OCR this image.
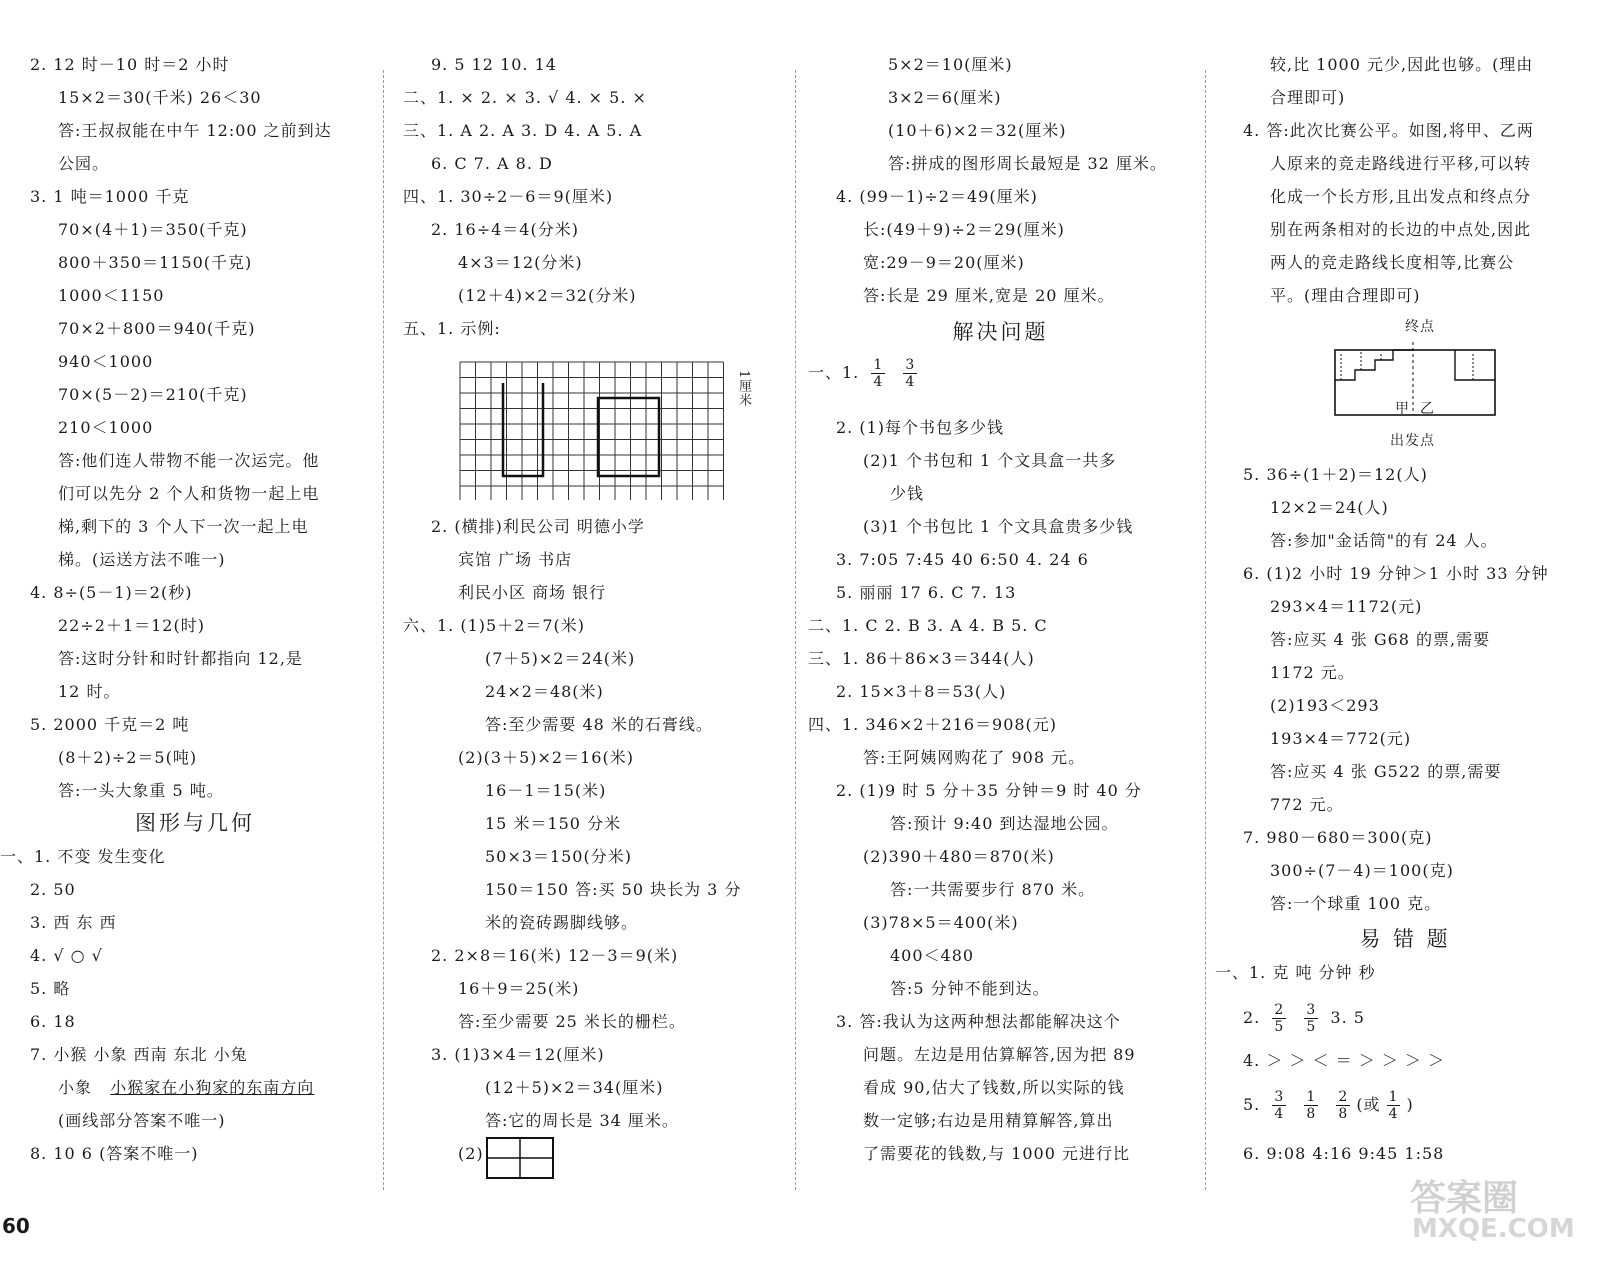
2. 12 时－10 时＝2 小时
15×2＝30(千米) 26＜30
答:王叔叔能在中午 12:00 之前到达
公园。
3. 1 吨＝1000 千克
70×(4＋1)＝350(千克)
800＋350＝1150(千克)
1000＜1150
70×2＋800＝940(千克)
940＜1000
70×(5－2)＝210(千克)
210＜1000
答:他们连人带物不能一次运完。他
们可以先分 2 个人和货物一起上电
梯,剩下的 3 个人下一次一起上电
梯。(运送方法不唯一)
4. 8÷(5－1)＝2(秒)
22÷2＋1＝12(时)
答:这时分针和时针都指向 12,是
12 时。
5. 2000 千克＝2 吨
(8＋2)÷2＝5(吨)
答:一头大象重 5 吨。
图形与几何
一、1. 不变 发生变化
2. 50
3. 西 东 西
4. √ ○ √
5. 略
6. 18
7. 小猴 小象 西南 东北 小兔
小象 小猴家在小狗家的东南方向
(画线部分答案不唯一)
8. 10 6 (答案不唯一)
9. 5 12 10. 14
二、1. × 2. × 3. √ 4. × 5. ×
三、1. A 2. A 3. D 4. A 5. A
6. C 7. A 8. D
四、1. 30÷2－6＝9(厘米)
2. 16÷4＝4(分米)
4×3＝12(分米)
(12＋4)×2＝32(分米)
五、1. 示例:
1厘米
2. (横排)利民公司 明德小学
宾馆 广场 书店
利民小区 商场 银行
六、1. (1)5＋2＝7(米)
(7＋5)×2＝24(米)
24×2＝48(米)
答:至少需要 48 米的石膏线。
(2)(3＋5)×2＝16(米)
16－1＝15(米)
15 米＝150 分米
50×3＝150(分米)
150＝150 答:买 50 块长为 3 分
米的瓷砖踢脚线够。
2. 2×8＝16(米) 12－3＝9(米)
16＋9＝25(米)
答:至少需要 25 米长的栅栏。
3. (1)3×4＝12(厘米)
(12＋5)×2＝34(厘米)
答:它的周长是 34 厘米。
(2)
5×2＝10(厘米)
3×2＝6(厘米)
(10＋6)×2＝32(厘米)
答:拼成的图形周长最短是 32 厘米。
4. (99－1)÷2＝49(厘米)
长:(49＋9)÷2＝29(厘米)
宽:29－9＝20(厘米)
答:长是 29 厘米,宽是 20 厘米。
解决问题
一、1. $\frac{1}{4}$
$\frac{3}{4}$
2. (1)每个书包多少钱
(2)1 个书包和 1 个文具盒一共多
少钱
(3)1 个书包比 1 个文具盒贵多少钱
3. 7:05 7:45 40 6:50 4. 24 6
5. 丽丽 17 6. C 7. 13
二、1. C 2. B 3. A 4. B 5. C
三、1. 86＋86×3＝344(人)
2. 15×3＋8＝53(人)
四、1. 346×2＋216＝908(元)
答:王阿姨网购花了 908 元。
2. (1)9 时 5 分＋35 分钟＝9 时 40 分
答:预计 9:40 到达湿地公园。
(2)390＋480＝870(米)
答:一共需要步行 870 米。
(3)78×5＝400(米)
400＜480
答:5 分钟不能到达。
3. 答:我认为这两种想法都能解决这个
问题。左边是用估算解答,因为把 89
看成 90,估大了钱数,所以实际的钱
数一定够;右边是用精算解答,算出
了需要花的钱数,与 1000 元进行比
较,比 1000 元少,因此也够。(理由
合理即可)
4. 答:此次比赛公平。如图,将甲、乙两
人原来的竞走路线进行平移,可以转
化成一个长方形,且出发点和终点分
别在两条相对的长边的中点处,因此
两人的竞走路线长度相等,比赛公
平。(理由合理即可)
终点
甲 乙
出发点
5. 36÷(1＋2)＝12(人)
12×2＝24(人)
答:参加"金话筒"的有 24 人。
6. (1)2 小时 19 分钟＞1 小时 33 分钟
293×4＝1172(元)
答:应买 4 张 G68 的票,需要
1172 元。
(2)193＜293
193×4＝772(元)
答:应买 4 张 G522 的票,需要
772 元。
7. 980－680＝300(克)
300÷(7－4)＝100(克)
答:一个球重 100 克。
易 错 题
一、1. 克 吨 分钟 秒
2. $\frac{2}{5}$
$\frac{3}{5} 3$. 5
4. ＞ ＞ ＜ ＝ ＞ ＞ ＞ ＞
5. $\frac{3}{4}$
$\frac{1}{8}$
$\frac{2}{8}$ (或 $\frac{1}{4}$ )
6. 9:08 4:16 9:45 1:58
60
答案圈
MXQE.COM
